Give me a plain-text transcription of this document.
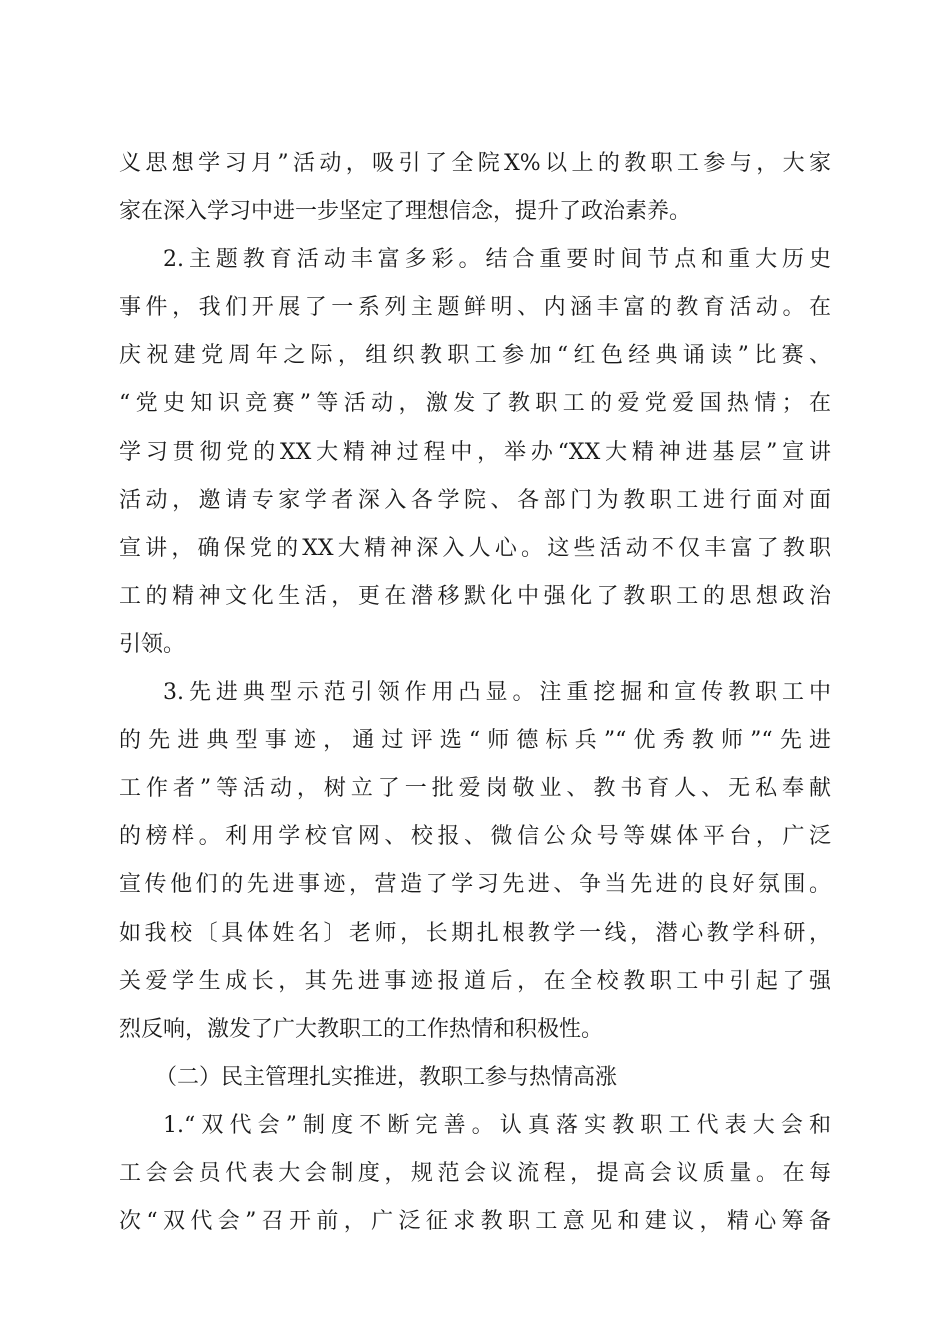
义思想学习月”活动，吸引了全院X%以上的教职工参与，大家
家在深入学习中进一步坚定了理想信念，提升了政治素养。
2.主题教育活动丰富多彩。结合重要时间节点和重大历史
事件，我们开展了一系列主题鲜明、内涵丰富的教育活动。在
庆祝建党周年之际，组织教职工参加“红色经典诵读”比赛、
“党史知识竞赛”等活动，激发了教职工的爱党爱国热情；在
学习贯彻党的XX大精神过程中，举办“XX大精神进基层”宣讲
活动，邀请专家学者深入各学院、各部门为教职工进行面对面
宣讲，确保党的XX大精神深入人心。这些活动不仅丰富了教职
工的精神文化生活，更在潜移默化中强化了教职工的思想政治
引领。
3.先进典型示范引领作用凸显。注重挖掘和宣传教职工中
的先进典型事迹，通过评选“师德标兵”“优秀教师”“先进
工作者”等活动，树立了一批爱岗敬业、教书育人、无私奉献
的榜样。利用学校官网、校报、微信公众号等媒体平台，广泛
宣传他们的先进事迹，营造了学习先进、争当先进的良好氛围。
如我校〔具体姓名〕老师，长期扎根教学一线，潜心教学科研，
关爱学生成长，其先进事迹报道后，在全校教职工中引起了强
烈反响，激发了广大教职工的工作热情和积极性。
（二）民主管理扎实推进，教职工参与热情高涨
1.“双代会”制度不断完善。认真落实教职工代表大会和
工会会员代表大会制度，规范会议流程，提高会议质量。在每
次“双代会”召开前，广泛征求教职工意见和建议，精心筹备
